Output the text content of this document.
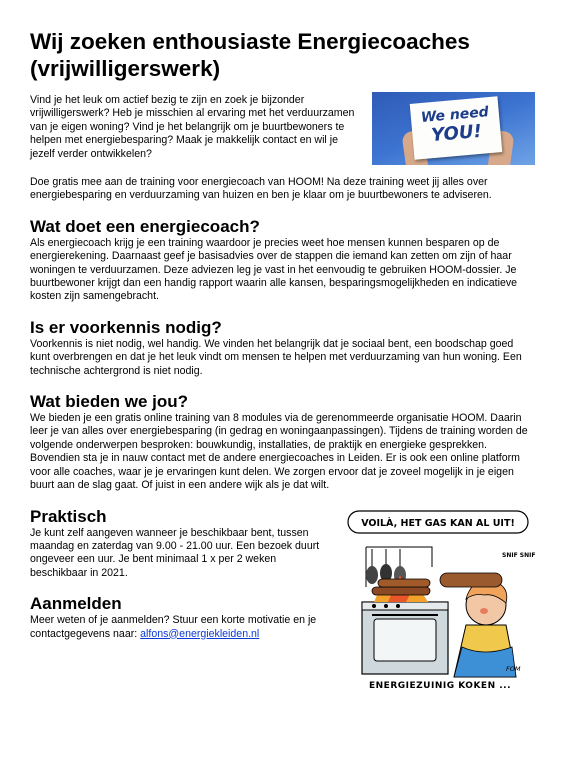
Wij zoeken enthousiaste Energiecoaches (vrijwilligerswerk)

Vind je het leuk om actief bezig te zijn en zoek je bijzonder vrijwilligerswerk? Heb je misschien al ervaring met het verduurzamen van je eigen woning? Vind je het belangrijk om je buurtbewoners te helpen met energiebesparing? Maak je makkelijk contact en wil je jezelf verder ontwikkelen?

We need
YOU!

Doe gratis mee aan de training voor energiecoach van HOOM! Na deze training weet jij alles over energiebesparing en verduurzaming van huizen en ben je klaar om je buurtbewoners te adviseren.

Wat doet een energiecoach?

Als energiecoach krijg je een training waardoor je precies weet hoe mensen kunnen besparen op de energierekening. Daarnaast geef je basisadvies over de stappen die iemand kan zetten om zijn of haar woningen te verduurzamen. Deze adviezen leg je vast in het eenvoudig te gebruiken HOOM-dossier. Je buurtbewoner krijgt dan een handig rapport waarin alle kansen, besparingsmogelijkheden en indicatieve kosten zijn samengebracht.

Is er voorkennis nodig?

Voorkennis is niet nodig, wel handig. We vinden het belangrijk dat je sociaal bent, een boodschap goed kunt overbrengen en dat je het leuk vindt om mensen te helpen met verduurzaming van hun woning. Een technische achtergrond is niet nodig.

Wat bieden we jou?

We bieden je een gratis online training van 8 modules via de gerenommeerde organisatie HOOM. Daarin leer je van alles over energiebesparing (in gedrag en woningaanpassingen). Tijdens de training worden de volgende onderwerpen besproken: bouwkundig, installaties, de praktijk en energieke gesprekken. Bovendien sta je in nauw contact met de andere energiecoaches in Leiden. Er is ook een online platform voor alle coaches, waar je je ervaringen kunt delen. We zorgen ervoor dat je zoveel mogelijk in je eigen buurt aan de slag gaat. Of juist in een andere wijk als je dat wilt.

Praktisch

Je kunt zelf aangeven wanneer je beschikbaar bent, tussen maandag en zaterdag van 9.00 - 21.00 uur. Een bezoek duurt ongeveer een uur. Je bent minimaal 1 x per 2 weken beschikbaar in 2021.

Aanmelden

Meer weten of je aanmelden? Stuur een korte motivatie en je contactgegevens naar: alfons@energiekleiden.nl

VOILÀ, HET GAS KAN AL UIT!
SNIF SNIF
FOM
ENERGIEZUINIG KOKEN ...
